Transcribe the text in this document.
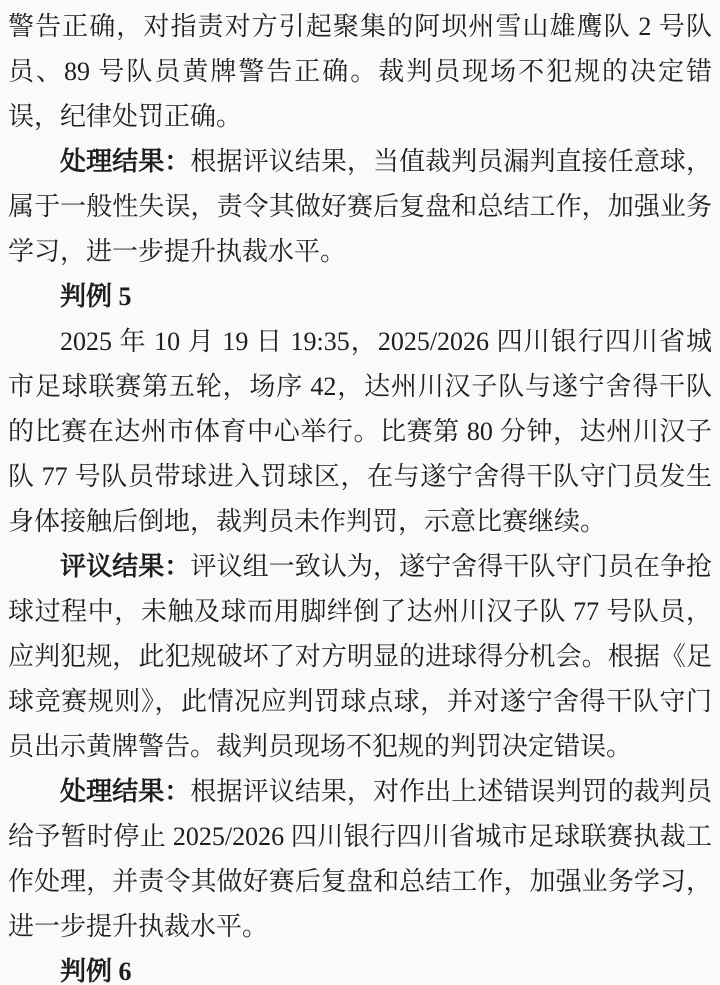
警告正确，对指责对方引起聚集的阿坝州雪山雄鹰队 2 号队员、89 号队员黄牌警告正确。裁判员现场不犯规的决定错误，纪律处罚正确。

处理结果：根据评议结果，当值裁判员漏判直接任意球，属于一般性失误，责令其做好赛后复盘和总结工作，加强业务学习，进一步提升执裁水平。

判例 5

2025 年 10 月 19 日 19:35，2025/2026 四川银行四川省城市足球联赛第五轮，场序 42，达州川汉子队与遂宁舍得干队的比赛在达州市体育中心举行。比赛第 80 分钟，达州川汉子队 77 号队员带球进入罚球区，在与遂宁舍得干队守门员发生身体接触后倒地，裁判员未作判罚，示意比赛继续。

评议结果：评议组一致认为，遂宁舍得干队守门员在争抢球过程中，未触及球而用脚绊倒了达州川汉子队 77 号队员，应判犯规，此犯规破坏了对方明显的进球得分机会。根据《足球竞赛规则》，此情况应判罚球点球，并对遂宁舍得干队守门员出示黄牌警告。裁判员现场不犯规的判罚决定错误。

处理结果：根据评议结果，对作出上述错误判罚的裁判员给予暂时停止 2025/2026 四川银行四川省城市足球联赛执裁工作处理，并责令其做好赛后复盘和总结工作，加强业务学习，进一步提升执裁水平。

判例 6
